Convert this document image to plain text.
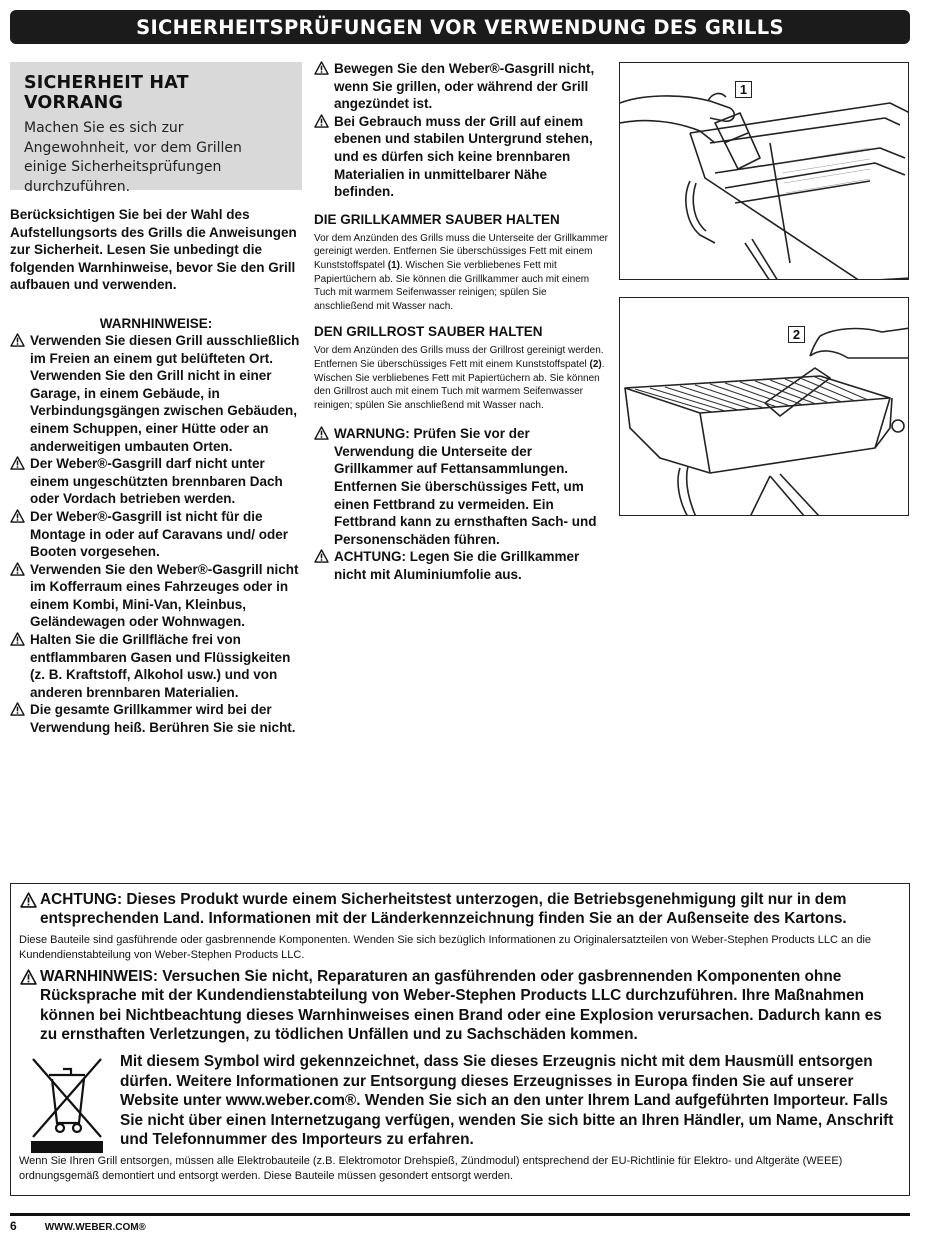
SICHERHEITSPRÜFUNGEN VOR VERWENDUNG DES GRILLS
SICHERHEIT HAT VORRANG

Machen Sie es sich zur Angewohnheit, vor dem Grillen einige Sicherheitsprüfungen durchzuführen.

Berücksichtigen Sie bei der Wahl des Aufstellungsorts des Grills die Anweisungen zur Sicherheit. Lesen Sie unbedingt die folgenden Warnhinweise, bevor Sie den Grill aufbauen und verwenden.

WARNHINWEISE:

Verwenden Sie diesen Grill ausschließlich im Freien an einem gut belüfteten Ort. Verwenden Sie den Grill nicht in einer Garage, in einem Gebäude, in Verbindungsgängen zwischen Gebäuden, einem Schuppen, einer Hütte oder an anderweitigen umbauten Orten.
Der Weber®-Gasgrill darf nicht unter einem ungeschützten brennbaren Dach oder Vordach betrieben werden.
Der Weber®-Gasgrill ist nicht für die Montage in oder auf Caravans und/ oder Booten vorgesehen.
Verwenden Sie den Weber®-Gasgrill nicht im Kofferraum eines Fahrzeuges oder in einem Kombi, Mini-Van, Kleinbus, Geländewagen oder Wohnwagen.
Halten Sie die Grillfläche frei von entflammbaren Gasen und Flüssigkeiten (z. B. Kraftstoff, Alkohol usw.) und von anderen brennbaren Materialien.
Die gesamte Grillkammer wird bei der Verwendung heiß. Berühren Sie sie nicht.
Bewegen Sie den Weber®-Gasgrill nicht, wenn Sie grillen, oder während der Grill angezündet ist.
Bei Gebrauch muss der Grill auf einem ebenen und stabilen Untergrund stehen, und es dürfen sich keine brennbaren Materialien in unmittelbarer Nähe befinden.

DIE GRILLKAMMER SAUBER HALTEN

Vor dem Anzünden des Grills muss die Unterseite der Grillkammer gereinigt werden. Entfernen Sie überschüssiges Fett mit einem Kunststoffspatel (1). Wischen Sie verbliebenes Fett mit Papiertüchern ab. Sie können die Grillkammer auch mit einem Tuch mit warmem Seifenwasser reinigen; spülen Sie anschließend mit Wasser nach.

DEN GRILLROST SAUBER HALTEN

Vor dem Anzünden des Grills muss der Grillrost gereinigt werden. Entfernen Sie überschüssiges Fett mit einem Kunststoffspatel (2). Wischen Sie verbliebenes Fett mit Papiertüchern ab. Sie können den Grillrost auch mit einem Tuch mit warmem Seifenwasser reinigen; spülen Sie anschließend mit Wasser nach.

WARNUNG: Prüfen Sie vor der Verwendung die Unterseite der Grillkammer auf Fettansammlungen. Entfernen Sie überschüssiges Fett, um einen Fettbrand zu vermeiden. Ein Fettbrand kann zu ernsthaften Sach- und Personenschäden führen.
ACHTUNG: Legen Sie die Grillkammer nicht mit Aluminiumfolie aus.
1
2

ACHTUNG: Dieses Produkt wurde einem Sicherheitstest unterzogen, die Betriebsgenehmigung gilt nur in dem entsprechenden Land. Informationen mit der Länderkennzeichnung finden Sie an der Außenseite des Kartons.

Diese Bauteile sind gasführende oder gasbrennende Komponenten. Wenden Sie sich bezüglich Informationen zu Originalersatzteilen von Weber-Stephen Products LLC an die Kundendienstabteilung von Weber-Stephen Products LLC.

WARNHINWEIS: Versuchen Sie nicht, Reparaturen an gasführenden oder gasbrennenden Komponenten ohne Rücksprache mit der Kundendienstabteilung von Weber-Stephen Products LLC durchzuführen. Ihre Maßnahmen können bei Nichtbeachtung dieses Warnhinweises einen Brand oder eine Explosion verursachen. Dadurch kann es zu ernsthaften Verletzungen, zu tödlichen Unfällen und zu Sachschäden kommen.

Mit diesem Symbol wird gekennzeichnet, dass Sie dieses Erzeugnis nicht mit dem Hausmüll entsorgen dürfen. Weitere Informationen zur Entsorgung dieses Erzeugnisses in Europa finden Sie auf unserer Website unter www.weber.com®. Wenden Sie sich an den unter Ihrem Land aufgeführten Importeur. Falls Sie nicht über einen Internetzugang verfügen, wenden Sie sich bitte an Ihren Händler, um Name, Anschrift und Telefonnummer des Importeurs zu erfahren.

Wenn Sie Ihren Grill entsorgen, müssen alle Elektrobauteile (z.B. Elektromotor Drehspieß, Zündmodul) entsprechend der EU-Richtlinie für Elektro- und Altgeräte (WEEE) ordnungsgemäß demontiert und entsorgt werden. Diese Bauteile müssen gesondert entsorgt werden.

6	WWW.WEBER.COM®
